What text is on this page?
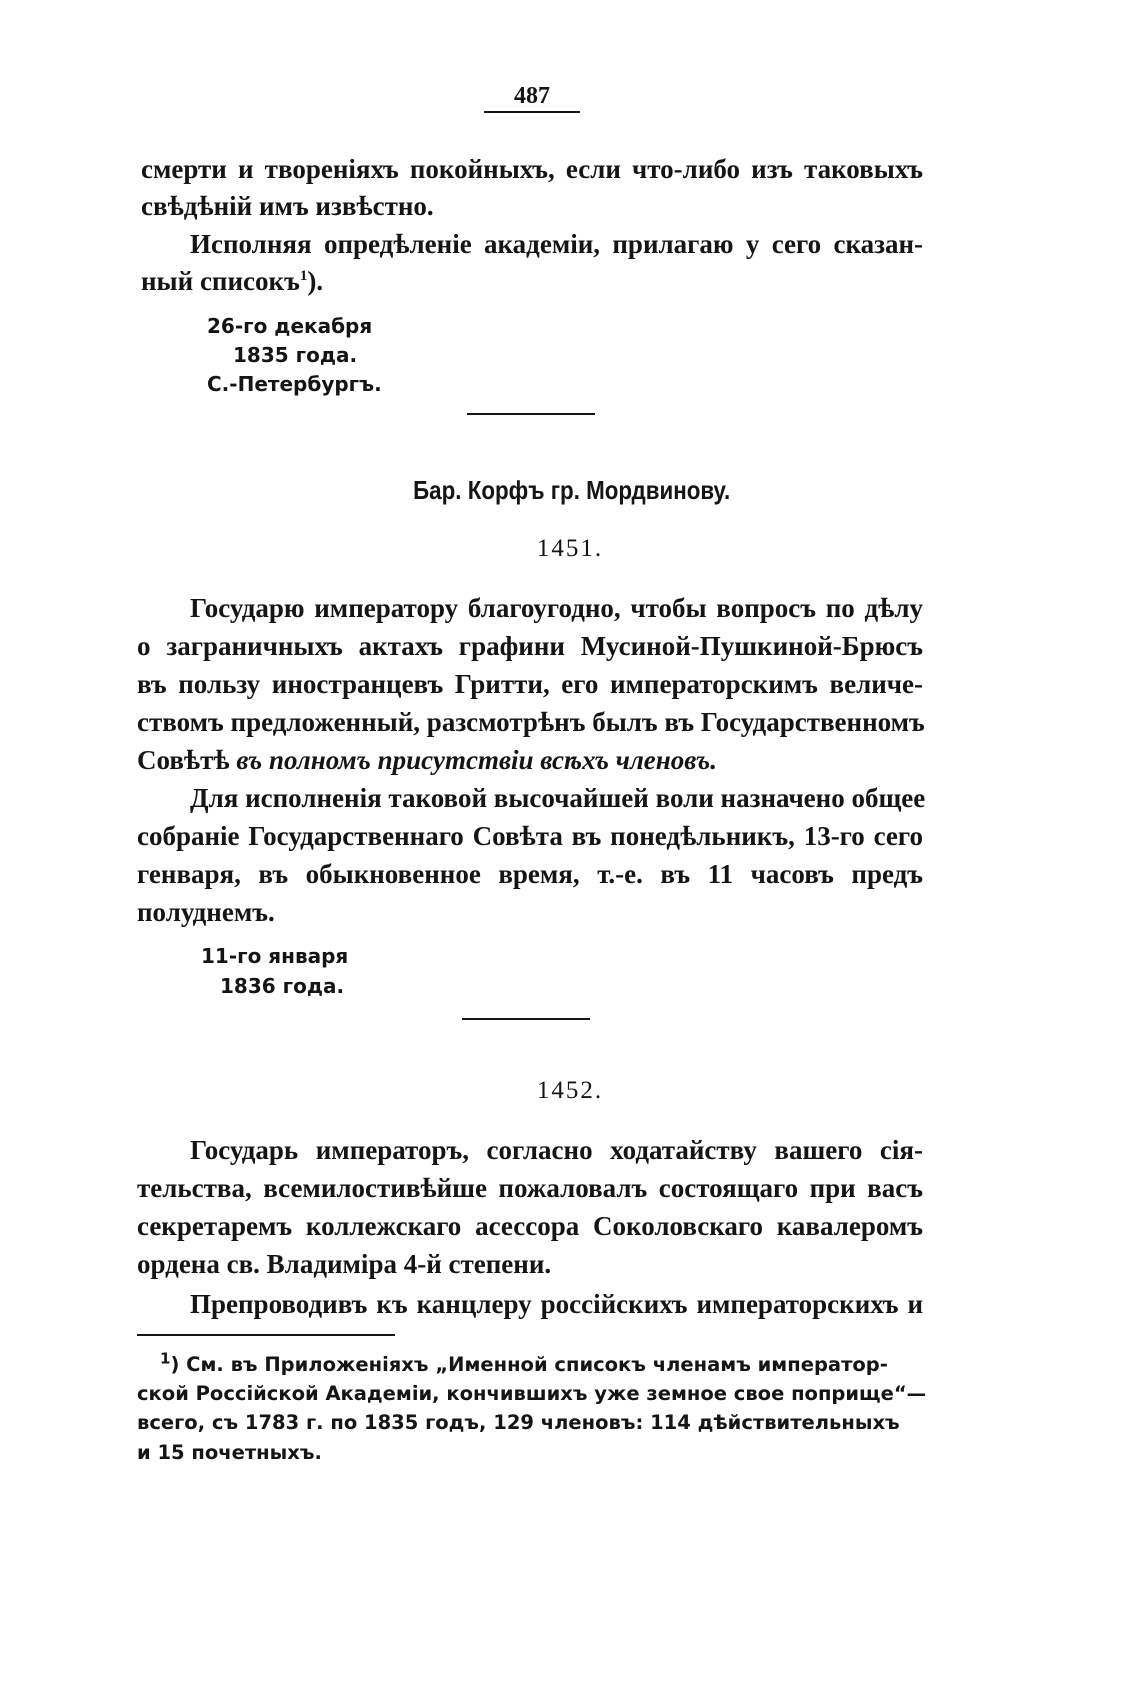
487
смерти и твореніяхъ покойныхъ, если что-либо изъ таковыхъ
свѣдѣній имъ извѣстно.
Исполняя опредѣленіе академіи, прилагаю у сего сказан-
ный списокъ$^1$).
26-го декабря
1835 года.
С.-Петербургъ.
Бар. Корфъ гр. Мордвинову.
1451.
Государю императору благоугодно, чтобы вопросъ по дѣлу
о заграничныхъ актахъ графини Мусиной-Пушкиной-Брюсъ
въ пользу иностранцевъ Гритти, его императорскимъ величе-
ствомъ предложенный, разсмотрѣнъ былъ въ Государственномъ
Совѣтѣ въ полномъ присутствіи всѣхъ членовъ.
Для исполненія таковой высочайшей воли назначено общее
собраніе Государственнаго Совѣта въ понедѣльникъ, 13-го сего
генваря, въ обыкновенное время, т.-е. въ 11 часовъ предъ
полуднемъ.
11-го января
1836 года.
1452.
Государь императоръ, согласно ходатайству вашего сія-
тельства, всемилостивѣйше пожаловалъ состоящаго при васъ
секретаремъ коллежскаго асессора Соколовскаго кавалеромъ
ордена св. Владиміра 4-й степени.
Препроводивъ къ канцлеру россійскихъ императорскихъ и
$^1$) См. въ Приложеніяхъ „Именной списокъ членамъ император-
ской Россійской Академіи, кончившихъ уже земное свое поприще“—
всего, съ 1783 г. по 1835 годъ, 129 членовъ: 114 дѣйствительныхъ
и 15 почетныхъ.
